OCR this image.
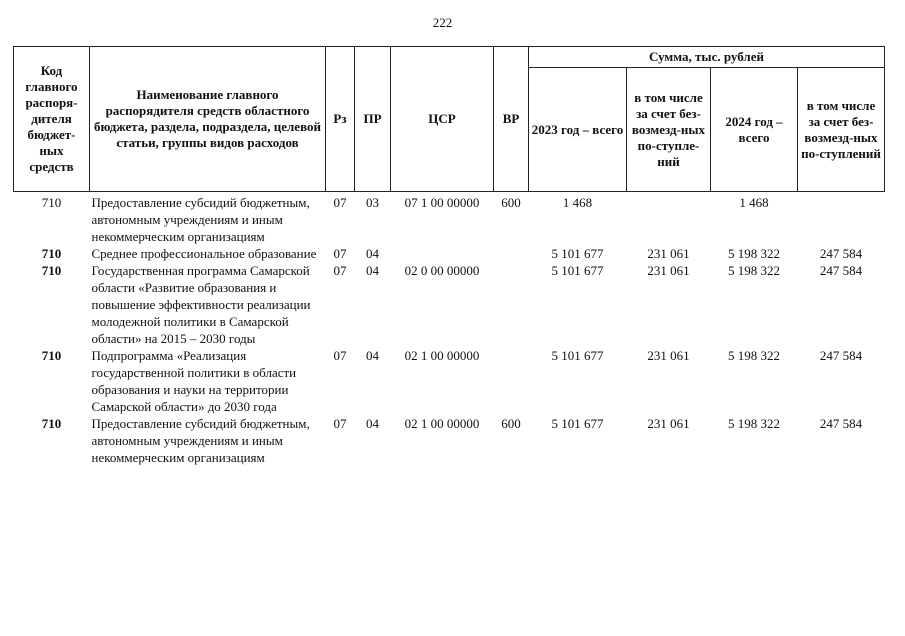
222
Код главного распоря-дителя бюджет-ных средств	Наимеиование главного распорядителя средств областного бюджета, раздела, подраздела, целевой статьи, группы видов расходов	Рз	ПР	ЦСР	ВР	Сумма, тыс. рублей			
						2023 год – всего	в том числе за счет без-возмезд-ных по-ступле-ний	2024 год – всего	в том числе за счет без-возмезд-ных по-ступлений
710	Предоставление субсидий бюджетным, автономным учреждениям и иным некоммерческим организациям	07	03	07 1 00 00000	600	1 468		1 468	
710	Среднее профессиональное образование	07	04			5 101 677	231 061	5 198 322	247 584
710	Государственная программа Самарской области «Развитие образования и повышение эффективности реализации молодежной политики в Самарской области» на 2015 – 2030 годы	07	04	02 0 00 00000		5 101 677	231 061	5 198 322	247 584
710	Подпрограмма «Реализация государственной политики в области образования и науки на территории Самарской области» до 2030 года	07	04	02 1 00 00000		5 101 677	231 061	5 198 322	247 584
710	Предоставление субсидий бюджетным, автономным учреждениям и иным некоммерческим организациям	07	04	02 1 00 00000	600	5 101 677	231 061	5 198 322	247 584
